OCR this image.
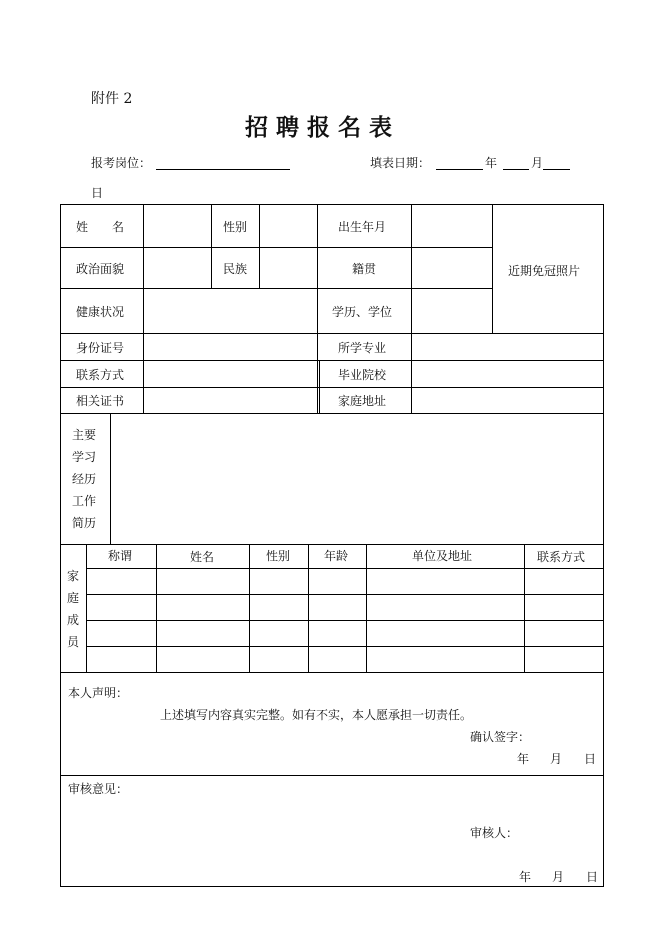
附件 2
招 聘 报 名 表
报考岗位：	填表日期：	年	月
日
姓　　名	性别	出生年月
近期免冠照片
政治面貌	民族	籍贯
健康状况	学历、学位
身份证号	所学专业
联系方式	毕业院校
相关证书	家庭地址
主要
学习
经历
工作
简历
家
庭
成
员
称谓	姓名	性别	年龄	单位及地址	联系方式
本人声明：
上述填写内容真实完整。如有不实，本人愿承担一切责任。
确认签字：
年 月 日
审核意见：
审核人：
年 月 日
